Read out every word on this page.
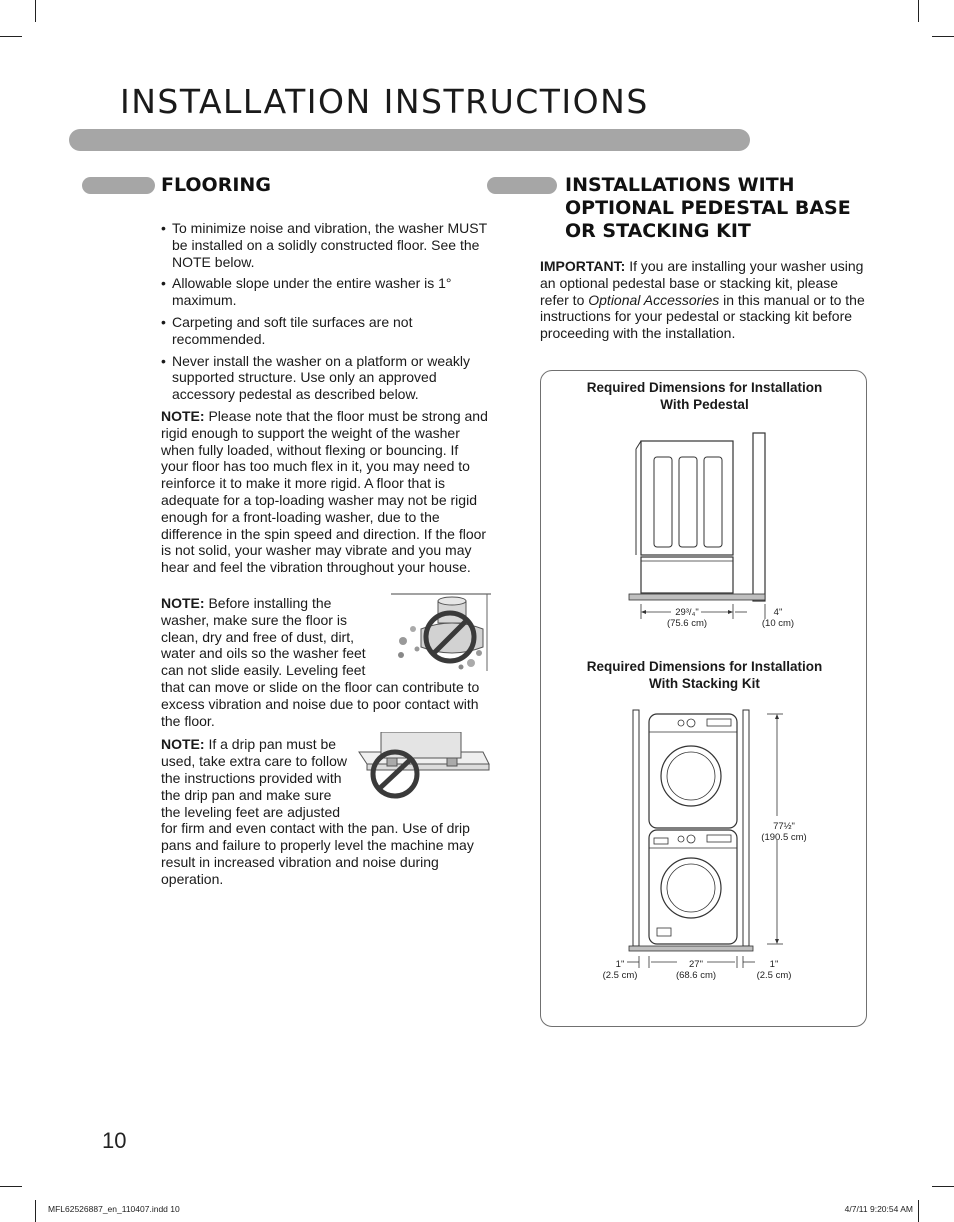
INSTALLATION INSTRUCTIONS
FLOORING
• To minimize noise and vibration, the washer MUST be installed on a solidly constructed floor. See the NOTE below.
• Allowable slope under the entire washer is 1° maximum.
• Carpeting and soft tile surfaces are not recommended.
• Never install the washer on a platform or weakly supported structure. Use only an approved accessory pedestal as described below.

NOTE: Please note that the floor must be strong and rigid enough to support the weight of the washer when fully loaded, without flexing or bouncing. If your floor has too much flex in it, you may need to reinforce it to make it more rigid. A floor that is adequate for a top-loading washer may not be rigid enough for a front-loading washer, due to the difference in the spin speed and direction. If the floor is not solid, your washer may vibrate and you may hear and feel the vibration throughout your house.

NOTE: Before installing the washer, make sure the floor is clean, dry and free of dust, dirt, water and oils so the washer feet can not slide easily. Leveling feet that can move or slide on the floor can contribute to excess vibration and noise due to poor contact with the floor.

NOTE: If a drip pan must be used, take extra care to follow the instructions provided with the drip pan and make sure the leveling feet are adjusted for firm and even contact with the pan. Use of drip pans and failure to properly level the machine may result in increased vibration and noise during operation.

INSTALLATIONS WITH OPTIONAL PEDESTAL BASE OR STACKING KIT

IMPORTANT: If you are installing your washer using an optional pedestal base or stacking kit, please refer to Optional Accessories in this manual or to the instructions for your pedestal or stacking kit before proceeding with the installation.

Required Dimensions for Installation
With Pedestal
29³/₄"
(75.6 cm)
4"
(10 cm)
Required Dimensions for Installation
With Stacking Kit
77½"
(190.5 cm)
1"
(2.5 cm)
27"
(68.6 cm)
1"
(2.5 cm)
10
MFL62526887_en_110407.indd 10	4/7/11 9:20:54 AM
